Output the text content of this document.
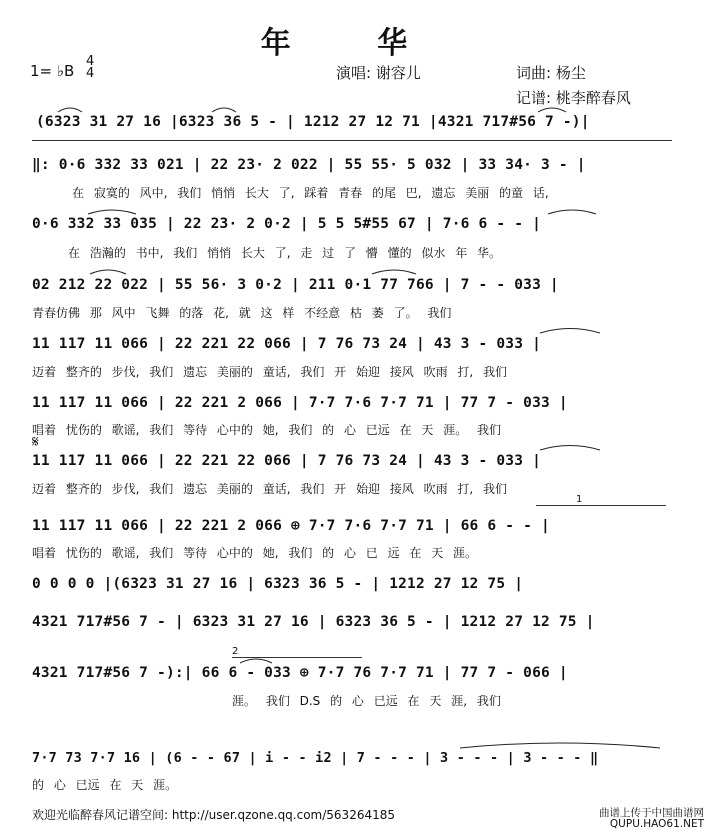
年 华
1= ♭B
4
4	演唱: 谢容儿	词曲: 杨尘
记谱: 桃李醉春风
(6323 31 27 16 |6323 36 5 - | 1212 27 12 71 |4321 717#56 7 -)|
‖: 0·6 332 33 021 | 22 23· 2 022 | 55 55· 5 032 | 33 34· 3 - |
在 寂寞的 风中, 我们 悄悄 长大 了, 踩着 青春 的尾 巴, 遗忘 美丽 的童 话,
0·6 332 33 035 | 22 23· 2 0·2 | 5 5 5#55 67 | 7·6 6 - - |
在 浩瀚的 书中, 我们 悄悄 长大 了, 走 过 了 懵 懂的 似水 年 华。
02 212 22 022 | 55 56· 3 0·2 | 211 0·1 77 766 | 7 - - 033 |
青春仿佛 那 风中 飞舞 的落 花, 就 这 样 不经意 枯 萎 了。 我们
11 117 11 066 | 22 221 22 066 | 7 76 73 24 | 43 3 - 033 |
迈着 整齐的 步伐, 我们 遗忘 美丽的 童话, 我们 开 始迎 接风 吹雨 打, 我们
11 117 11 066 | 22 221 2 066 | 7·7 7·6 7·7 71 | 77 7 - 033 |
唱着 忧伤的 歌谣, 我们 等待 心中的 她, 我们 的 心 已远 在 天 涯。 我们
𝄋
11 117 11 066 | 22 221 22 066 | 7 76 73 24 | 43 3 - 033 |
迈着 整齐的 步伐, 我们 遗忘 美丽的 童话, 我们 开 始迎 接风 吹雨 打, 我们
1
11 117 11 066 | 22 221 2 066 ⊕ 7·7 7·6 7·7 71 | 66 6 - - |
唱着 忧伤的 歌谣, 我们 等待 心中的 她, 我们 的 心 已 远 在 天 涯。
0 0 0 0 |(6323 31 27 16 | 6323 36 5 - | 1212 27 12 75 |
4321 717#56 7 - | 6323 31 27 16 | 6323 36 5 - | 1212 27 12 75 |
2
4321 717#56 7 -):| 66 6 - 033 ⊕ 7·7 76 7·7 71 | 77 7 - 066 |
涯。 我们 D.S 的 心 已远 在 天 涯, 我们
7·7 73 7·7 16 | (6 - - 67 | i - - i2 | 7 - - - | 3 - - - | 3 - - - ‖
的 心 已远 在 天 涯。
欢迎光临醉春风记谱空间: http://user.qzone.qq.com/563264185	曲谱上传于中国曲谱网
QUPU.HAO61.NET
